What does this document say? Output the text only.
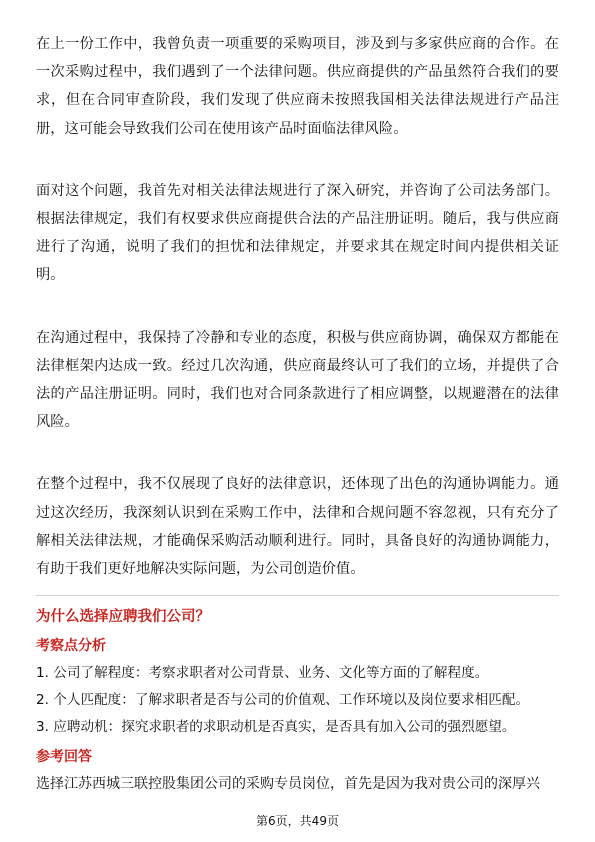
在上一份工作中，我曾负责一项重要的采购项目，涉及到与多家供应商的合作。在一次采购过程中，我们遇到了一个法律问题。供应商提供的产品虽然符合我们的要求，但在合同审查阶段，我们发现了供应商未按照我国相关法律法规进行产品注册，这可能会导致我们公司在使用该产品时面临法律风险。

面对这个问题，我首先对相关法律法规进行了深入研究，并咨询了公司法务部门。根据法律规定，我们有权要求供应商提供合法的产品注册证明。随后，我与供应商进行了沟通，说明了我们的担忧和法律规定，并要求其在规定时间内提供相关证明。

在沟通过程中，我保持了冷静和专业的态度，积极与供应商协调，确保双方都能在法律框架内达成一致。经过几次沟通，供应商最终认可了我们的立场，并提供了合法的产品注册证明。同时，我们也对合同条款进行了相应调整，以规避潜在的法律风险。

在整个过程中，我不仅展现了良好的法律意识，还体现了出色的沟通协调能力。通过这次经历，我深刻认识到在采购工作中，法律和合规问题不容忽视，只有充分了解相关法律法规，才能确保采购活动顺利进行。同时，具备良好的沟通协调能力，有助于我们更好地解决实际问题，为公司创造价值。

为什么选择应聘我们公司？

考察点分析

1. 公司了解程度：考察求职者对公司背景、业务、文化等方面的了解程度。

2. 个人匹配度：了解求职者是否与公司的价值观、工作环境以及岗位要求相匹配。

3. 应聘动机：探究求职者的求职动机是否真实，是否具有加入公司的强烈愿望。

参考回答

选择江苏西城三联控股集团公司的采购专员岗位，首先是因为我对贵公司的深厚兴

第6页，共49页
